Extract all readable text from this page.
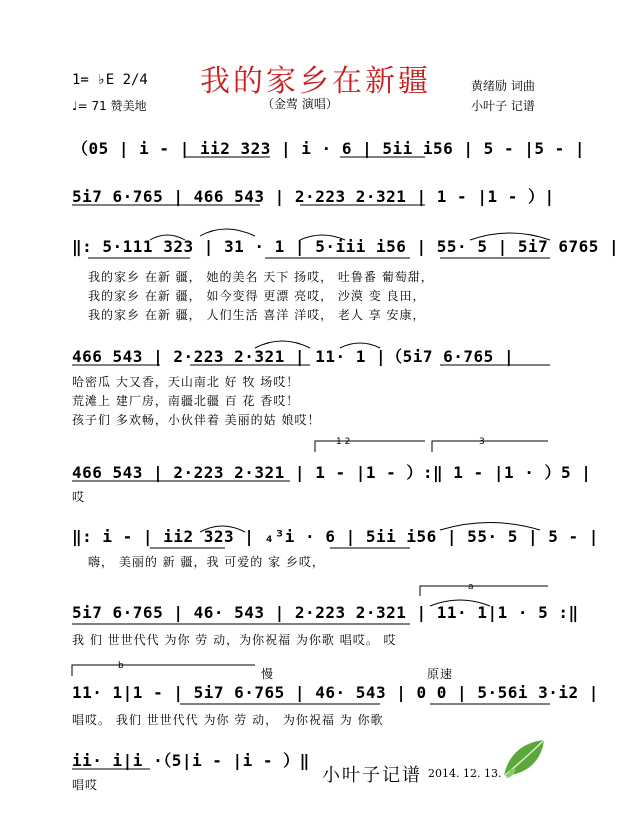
1= ♭E 2/4
♩= 71 赞美地
我的家乡在新疆
（金莺 演唱）
黄绪励 词曲
小叶子 记谱
（05 | i - | ii2 323 | i · 6 | 5ii i56 | 5 - |5 - |
5i7 6·765 | 466 543 | 2·223 2·321 | 1 - |1 - ）|
‖: 5·111 323 | 31 · 1 | 5·iii i56 | 55· 5 | 5i7 6765 |
我的家乡 在新 疆， 她的美名 天下 扬哎， 吐鲁番 葡萄甜，
我的家乡 在新 疆， 如今变得 更漂 亮哎， 沙漠 变 良田，
我的家乡 在新 疆， 人们生活 喜洋 洋哎， 老人 享 安康，
466 543 | 2·223 2·321 | 11· 1 |（5i7 6·765 |
哈密瓜 大又香，天山南北 好 牧 场哎！
荒滩上 建厂房，南疆北疆 百 花 香哎！
孩子们 多欢畅，小伙伴着 美丽的姑 娘哎！
1 2	3
466 543 | 2·223 2·321 | 1 - |1 - ）:‖ 1 - |1 · ）5 |
哎
‖: i - | ii2 323 | ₄³i · 6 | 5ii i56 | 55· 5 | 5 - |
嗨， 美丽的 新 疆，我 可爱的 家 乡哎，
a
5i7 6·765 | 46· 543 | 2·223 2·321 | 11· 1|1 · 5 :‖
我 们 世世代代 为你 劳 动，为你祝福 为你歌 唱哎。 哎
b
慢	原速
11· 1|1 - | 5i7 6·765 | 46· 543 | 0 0 | 5·56i 3·i2 |
唱哎。 我们 世世代代 为你 劳 动， 为你祝福 为 你歌
ii· i|i ·（5|i - |i - ）‖
唱哎	小叶子记谱 2014. 12. 13.
